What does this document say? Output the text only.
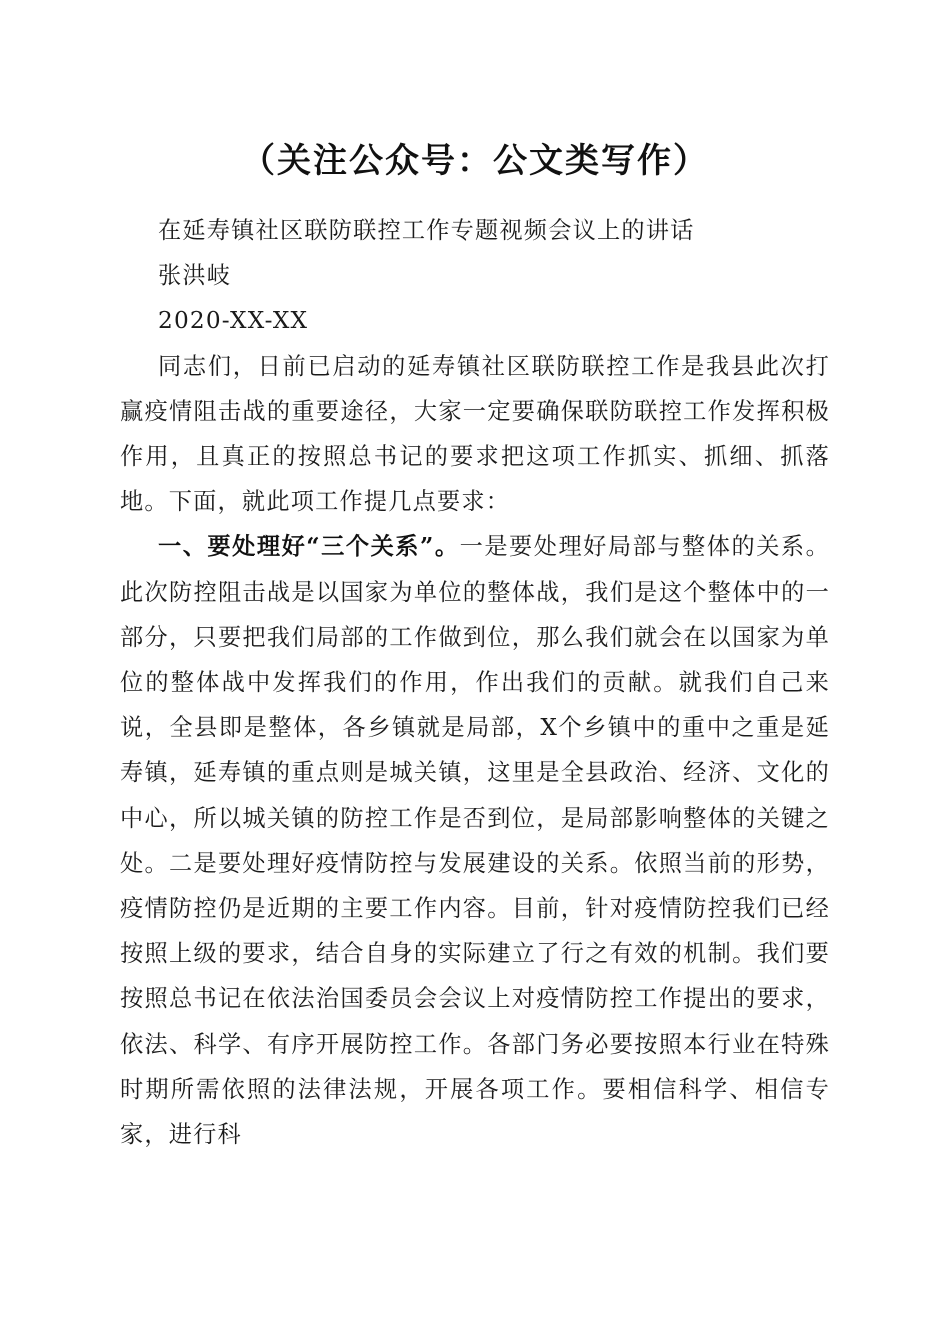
（关注公众号：公文类写作）

在延寿镇社区联防联控工作专题视频会议上的讲话

张洪岐

2020-XX-XX

同志们，日前已启动的延寿镇社区联防联控工作是我县此次打赢疫情阻击战的重要途径，大家一定要确保联防联控工作发挥积极作用，且真正的按照总书记的要求把这项工作抓实、抓细、抓落地。下面，就此项工作提几点要求：

一、要处理好“三个关系”。一是要处理好局部与整体的关系。此次防控阻击战是以国家为单位的整体战，我们是这个整体中的一部分，只要把我们局部的工作做到位，那么我们就会在以国家为单位的整体战中发挥我们的作用，作出我们的贡献。就我们自己来说，全县即是整体，各乡镇就是局部，X个乡镇中的重中之重是延寿镇，延寿镇的重点则是城关镇，这里是全县政治、经济、文化的中心，所以城关镇的防控工作是否到位，是局部影响整体的关键之处。二是要处理好疫情防控与发展建设的关系。依照当前的形势，疫情防控仍是近期的主要工作内容。目前，针对疫情防控我们已经按照上级的要求，结合自身的实际建立了行之有效的机制。我们要按照总书记在依法治国委员会会议上对疫情防控工作提出的要求，依法、科学、有序开展防控工作。各部门务必要按照本行业在特殊时期所需依照的法律法规，开展各项工作。要相信科学、相信专家，进行科
